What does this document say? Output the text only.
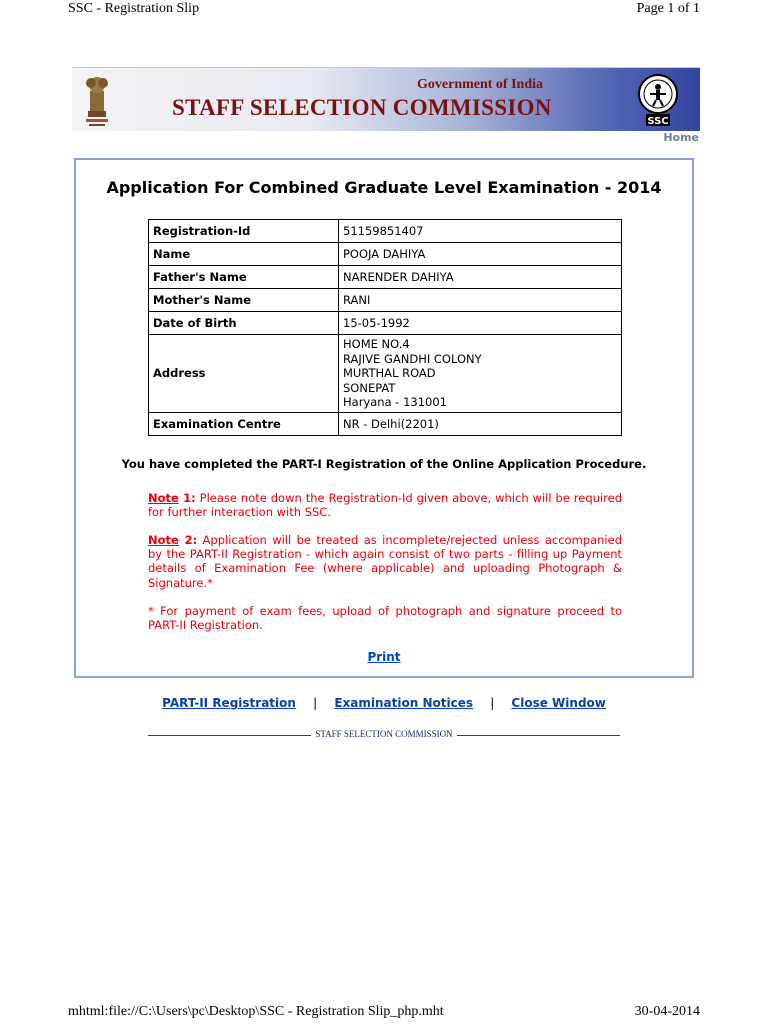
SSC - Registration Slip	Page 1 of 1
Government of India
STAFF SELECTION COMMISSION
SSC
Home
Application For Combined Graduate Level Examination - 2014
Registration-Id	51159851407
Name	POOJA DAHIYA
Father's Name	NARENDER DAHIYA
Mother's Name	RANI
Date of Birth	15-05-1992
Address	HOME NO.4
RAJIVE GANDHI COLONY
MURTHAL ROAD
SONEPAT
Haryana - 131001

Examination Centre	NR - Delhi(2201)
You have completed the PART-I Registration of the Online Application Procedure.
Note 1: Please note down the Registration-Id given above, which will be required for further interaction with SSC.
Note 2: Application will be treated as incomplete/rejected unless accompanied by the PART-II Registration - which again consist of two parts - filling up Payment details of Examination Fee (where applicable) and uploading Photograph & Signature.*
* For payment of exam fees, upload of photograph and signature proceed to PART-II Registration.
Print
PART-II Registration | Examination Notices | Close Window
STAFF SELECTION COMMISSION
mhtml:file://C:\Users\pc\Desktop\SSC - Registration Slip_php.mht	30-04-2014
